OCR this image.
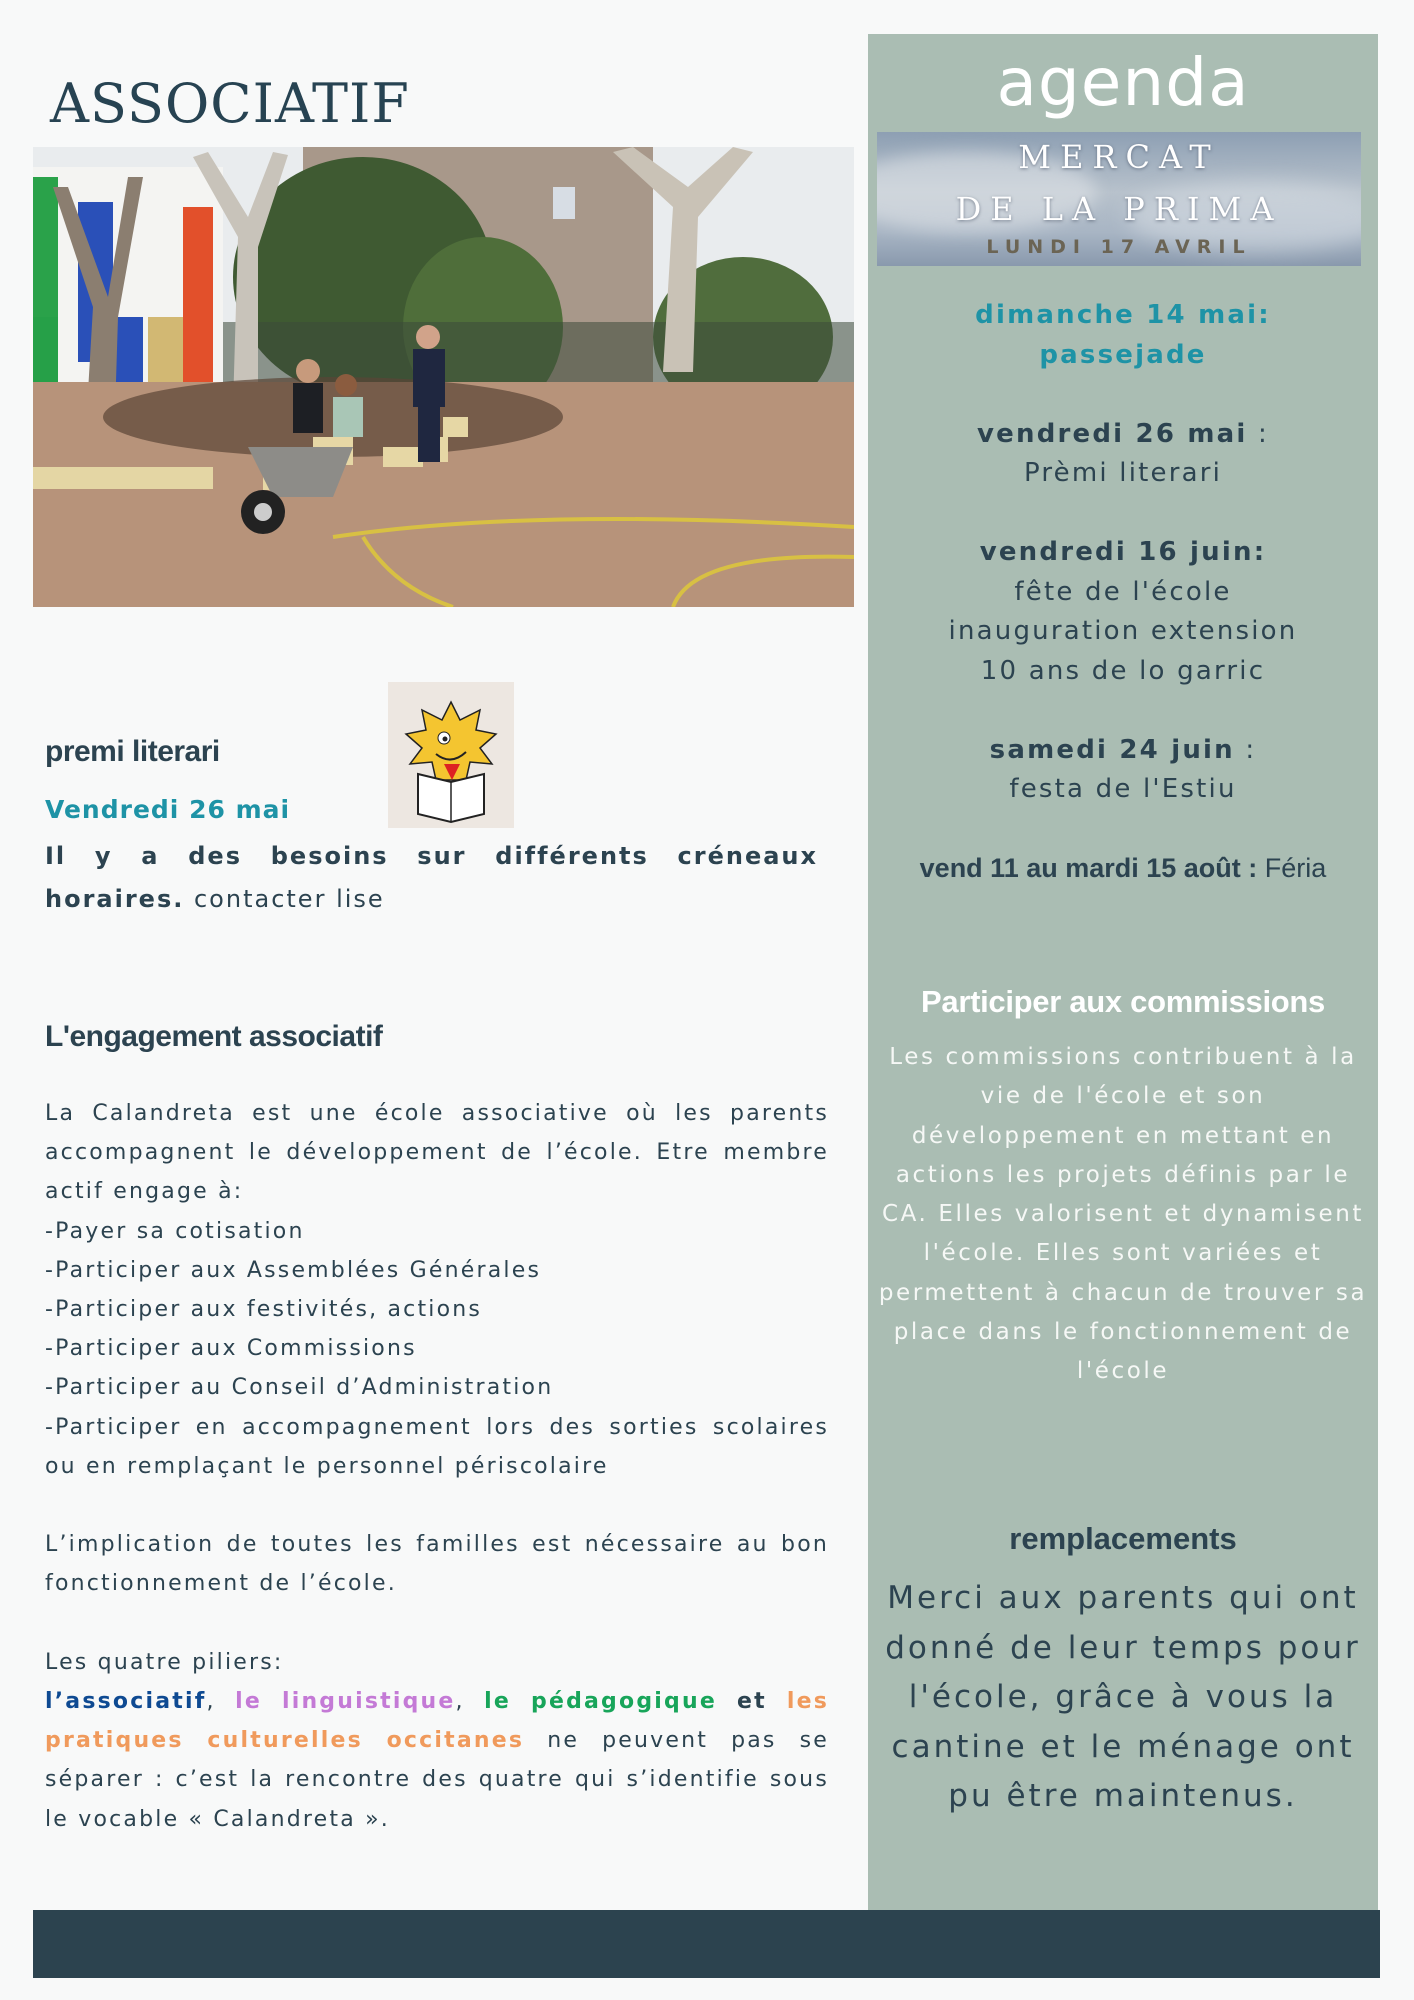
ASSOCIATIF
premi literari
Vendredi 26 mai
Il y a des besoins sur différents créneaux horaires. contacter lise
L'engagement associatif

La Calandreta est une école associative où les parents accompagnent le développement de l’école. Etre membre actif engage à:

-Payer sa cotisation

-Participer aux Assemblées Générales

-Participer aux festivités, actions

-Participer aux Commissions

-Participer au Conseil d’Administration

-Participer en accompagnement lors des sorties scolaires ou en remplaçant le personnel périscolaire

L’implication de toutes les familles est nécessaire au bon fonctionnement de l’école.

Les quatre piliers:

l’associatif, le linguistique, le pédagogique et les pratiques culturelles occitanes ne peuvent pas se séparer : c’est la rencontre des quatre qui s’identifie sous le vocable « Calandreta ».

agenda
MERCAT
DE LA PRIMA
LUNDI 17 AVRIL
dimanche 14 mai:
passejade
vendredi 26 mai :
Prèmi literari
vendredi 16 juin:
fête de l'école
inauguration extension
10 ans de lo garric
samedi 24 juin :
festa de l'Estiu
vend 11 au mardi 15 août : Féria
Participer aux commissions
Les commissions contribuent à la vie de l'école et son développement en mettant en actions les projets définis par le CA. Elles valorisent et dynamisent l'école. Elles sont variées et permettent à chacun de trouver sa place dans le fonctionnement de l'école
remplacements
Merci aux parents qui ont donné de leur temps pour l'école, grâce à vous la cantine et le ménage ont pu être maintenus.
